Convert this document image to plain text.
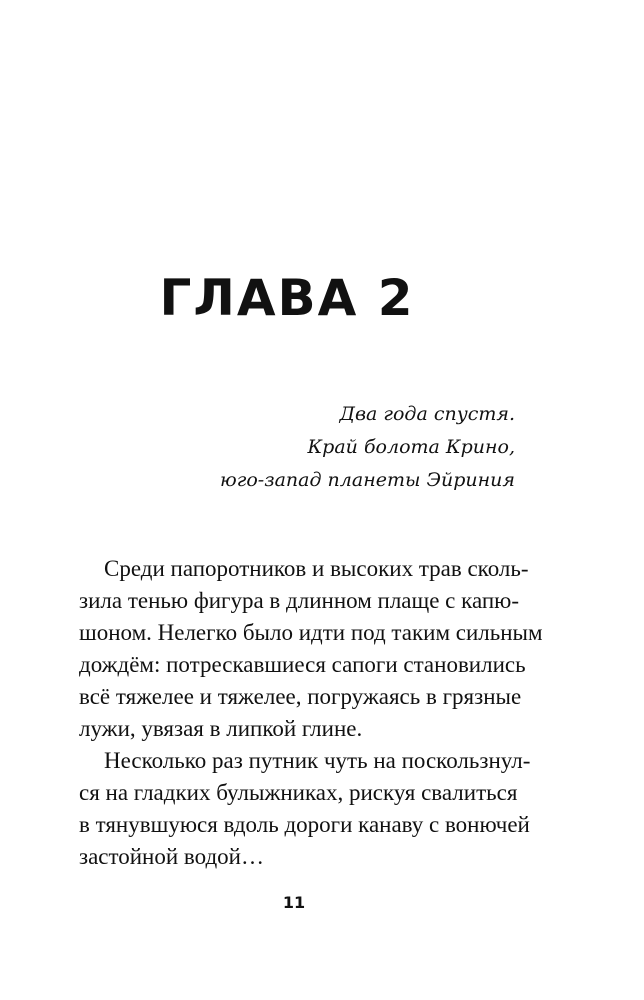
ГЛАВА 2
Два года спустя.
Край болота Крино,
юго-запад планеты Эйриния
Среди папоротников и высоких трав сколь-
зила тенью фигура в длинном плаще с капю-
шоном. Нелегко было идти под таким сильным
дождём: потрескавшиеся сапоги становились
всё тяжелее и тяжелее, погружаясь в грязные
лужи, увязая в липкой глине.
Несколько раз путник чуть на поскользнул-
ся на гладких булыжниках, рискуя свалиться
в тянувшуюся вдоль дороги канаву с вонючей
застойной водой…
11
